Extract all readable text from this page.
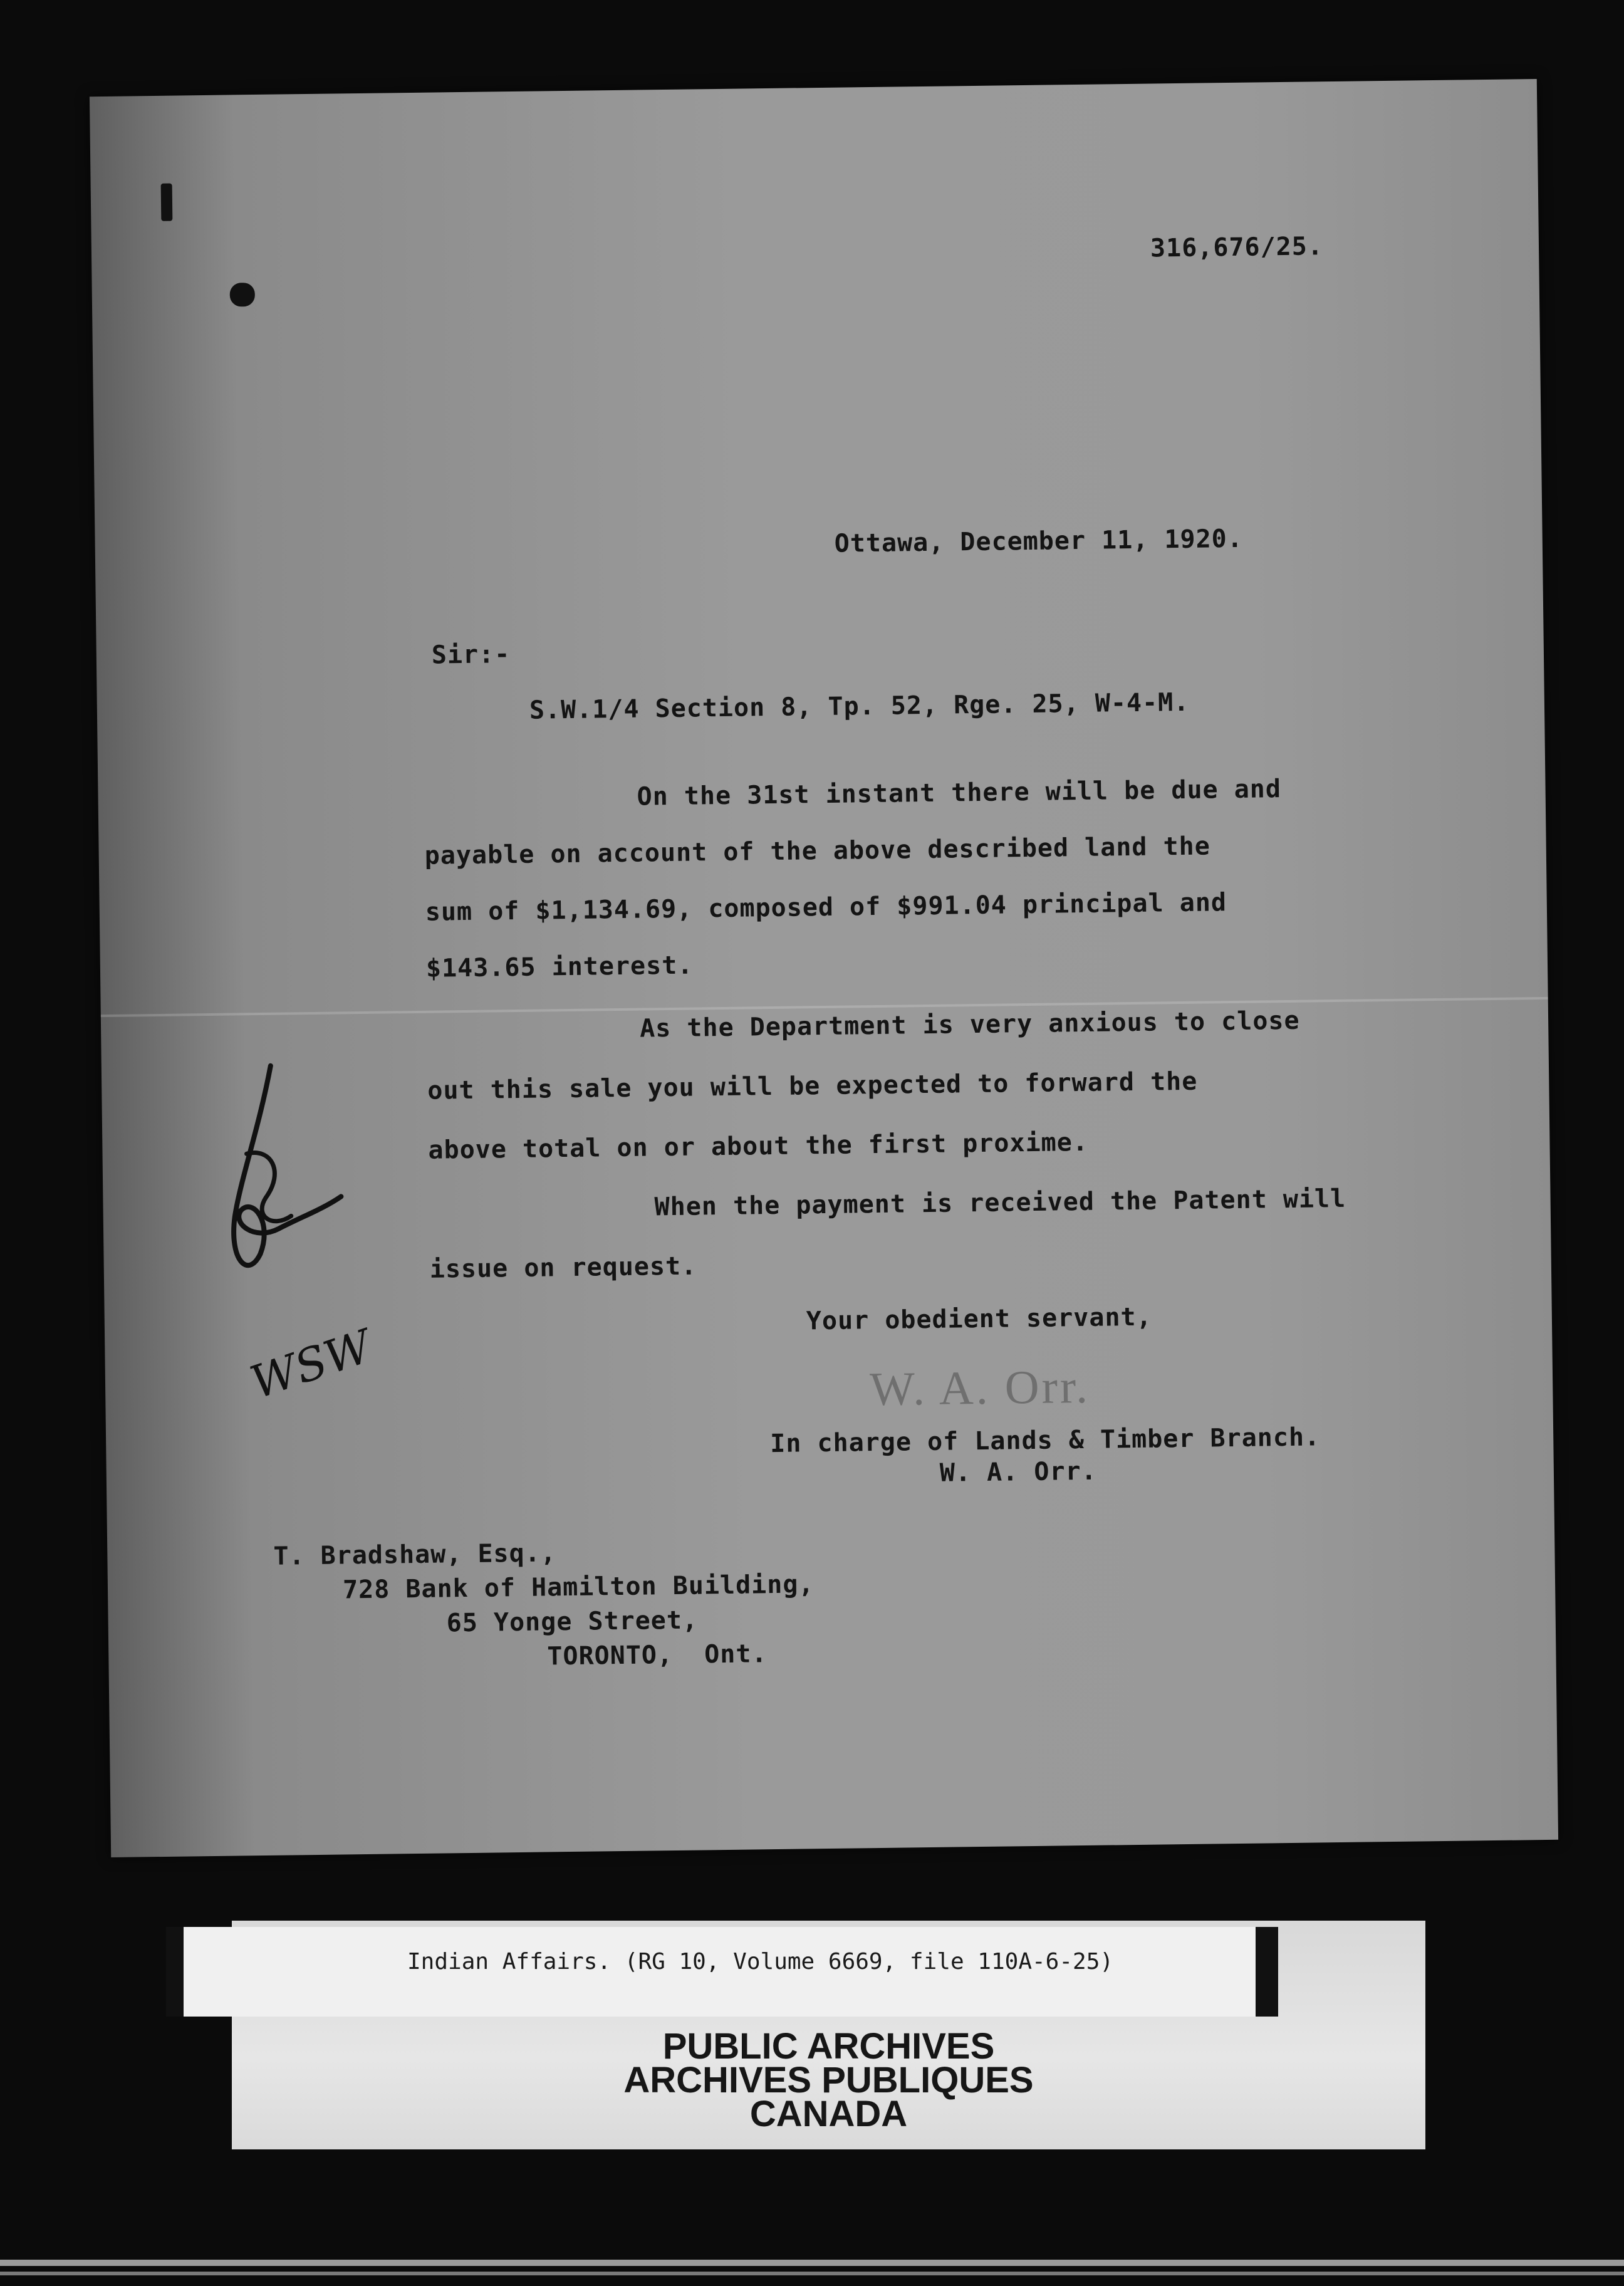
316,676/25.
Ottawa, December 11, 1920.
Sir:-
S.W.1/4 Section 8, Tp. 52, Rge. 25, W-4-M.
On the 31st instant there will be due and
payable on account of the above described land the
sum of $1,134.69, composed of $991.04 principal and
$143.65 interest.
As the Department is very anxious to close
out this sale you will be expected to forward the
above total on or about the first proxime.
When the payment is received the Patent will
issue on request.
Your obedient servant,
W. A. Orr.
In charge of Lands & Timber Branch.
W. A. Orr.
T. Bradshaw, Esq.,
728 Bank of Hamilton Building,
65 Yonge Street,
TORONTO,  Ont.
WSW
Indian Affairs. (RG 10, Volume 6669, file 110A-6-25)
PUBLIC ARCHIVES
ARCHIVES PUBLIQUES
CANADA
